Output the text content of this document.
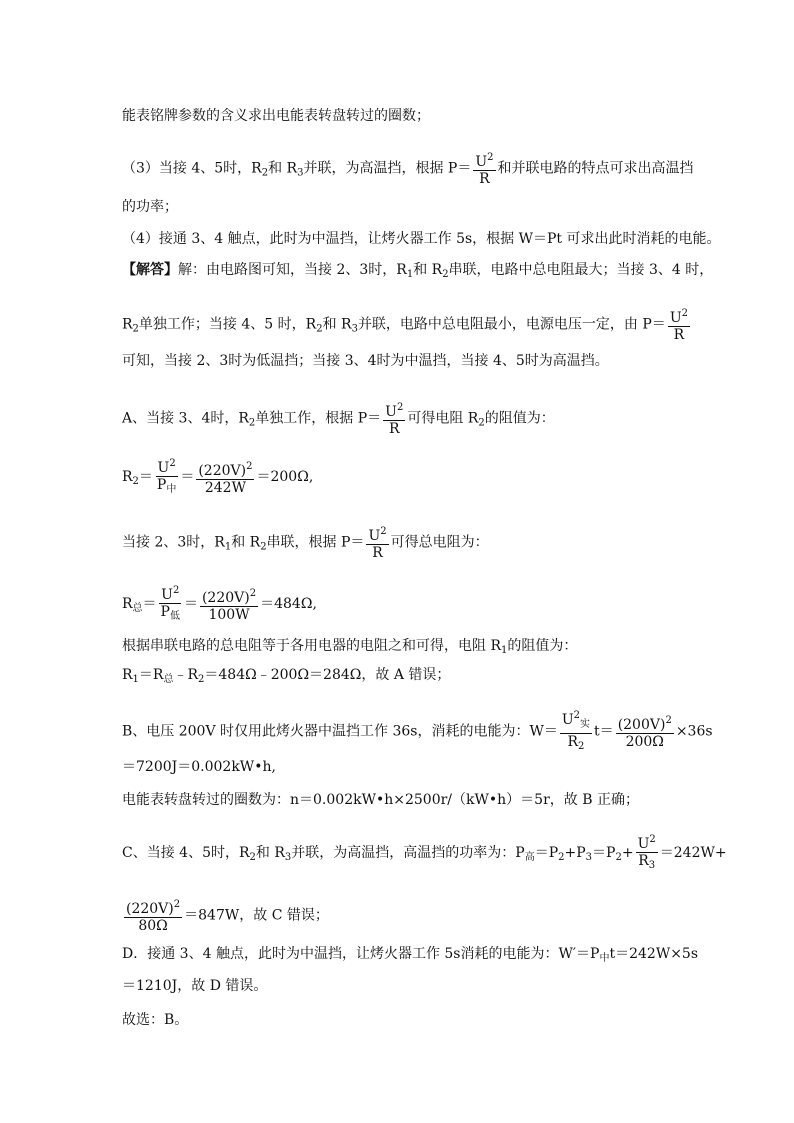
能表铭牌参数的含义求出电能表转盘转过的圈数；
（3）当接 4、5时，$R_2$和 $R_3$并联，为高温挡，根据 $P= \frac{U^2}{R}$ 和并联电路的特点可求出高温挡
的功率；
（4）接通 3、4 触点，此时为中温挡，让烤火器工作 5s，根据 W＝Pt 可求出此时消耗的电能。
【解答】解：由电路图可知，当接 2、3时，$R_1$和 $R_2$串联，电路中总电阻最大；当接 3、4 时，
$R_2$单独工作；当接 4、5 时，$R_2$和 $R_3$并联，电路中总电阻最小，电源电压一定，由 $P= \frac{U^2}{R}$
可知，当接 2、3时为低温挡；当接 3、4时为中温挡，当接 4、5时为高温挡。
A、当接 3、4时，$R_2$单独工作，根据 $P= \frac{U^2}{R}$ 可得电阻 $R_2$的阻值为：
$R_2= \frac{U^2}{P_中} = \frac{(220V)^2}{242W} =200\Omega$,
当接 2、3时，$R_1$和 $R_2$串联，根据 $P= \frac{U^2}{R}$ 可得总电阻为：
$R_总= \frac{U^2}{P_低} = \frac{(220V)^2}{100W} =484\Omega$,
根据串联电路的总电阻等于各用电器的电阻之和可得，电阻 $R_1$的阻值为：
$R_1=R_总﹣R_2=484\Omega﹣200\Omega=284\Omega$，故 A 错误；
B、电压 200V 时仅用此烤火器中温挡工作 36s，消耗的电能为：$W= \frac{U^2_实}{R_2} t= \frac{(200V)^2}{200\Omega} \times 36s$
＝7200J＝0.002kW•h,
电能表转盘转过的圈数为：n＝0.002kW•h×2500r/（kW•h）＝5r，故 B 正确；
C、当接 4、5时，$R_2$和 $R_3$并联，为高温挡，高温挡的功率为：$P_高=P_2+P_3=P_2+ \frac{U^2}{R_3} =242W+$
$\frac{(220V)^2}{80\Omega} =847W$，故 C 错误；
D．接通 3、4 触点，此时为中温挡，让烤火器工作 5s消耗的电能为：$W'=P_中t=242W\times 5s$
＝1210J，故 D 错误。
故选：B。
